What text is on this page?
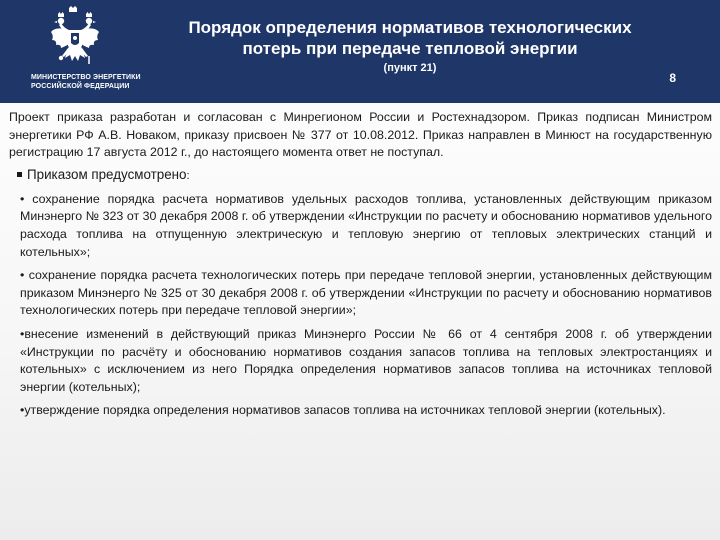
МИНИСТЕРСТВО ЭНЕРГЕТИКИ
РОССИЙСКОЙ ФЕДЕРАЦИИ
Порядок определения нормативов технологических
потерь при передаче тепловой энергии
(пункт 21)
8

Проект приказа разработан и согласован с Минрегионом России и Ростехнадзором. Приказ подписан Министром энергетики РФ А.В. Новаком, приказу присвоен № 377 от 10.08.2012. Приказ направлен в Минюст на государственную регистрацию 17 августа 2012 г., до настоящего момента ответ не поступал.

Приказом предусмотрено:

• сохранение порядка расчета нормативов удельных расходов топлива, установленных действующим приказом Минэнерго № 323 от 30 декабря 2008 г. об утверждении «Инструкции по расчету и обоснованию нормативов удельного расхода топлива на отпущенную электрическую и тепловую энергию от тепловых электрических станций и котельных»;

• сохранение порядка расчета технологических потерь при передаче тепловой энергии, установленных действующим приказом Минэнерго № 325 от 30 декабря 2008 г. об утверждении «Инструкции по расчету и обоснованию нормативов технологических потерь при передаче тепловой энергии»;

•внесение изменений в действующий приказ Минэнерго России № 66 от 4 сентября 2008 г. об утверждении «Инструкции по расчёту и обоснованию нормативов создания запасов топлива на тепловых электростанциях и котельных» с исключением из него Порядка определения нормативов запасов топлива на источниках тепловой энергии (котельных);

•утверждение порядка определения нормативов запасов топлива на источниках тепловой энергии (котельных).
